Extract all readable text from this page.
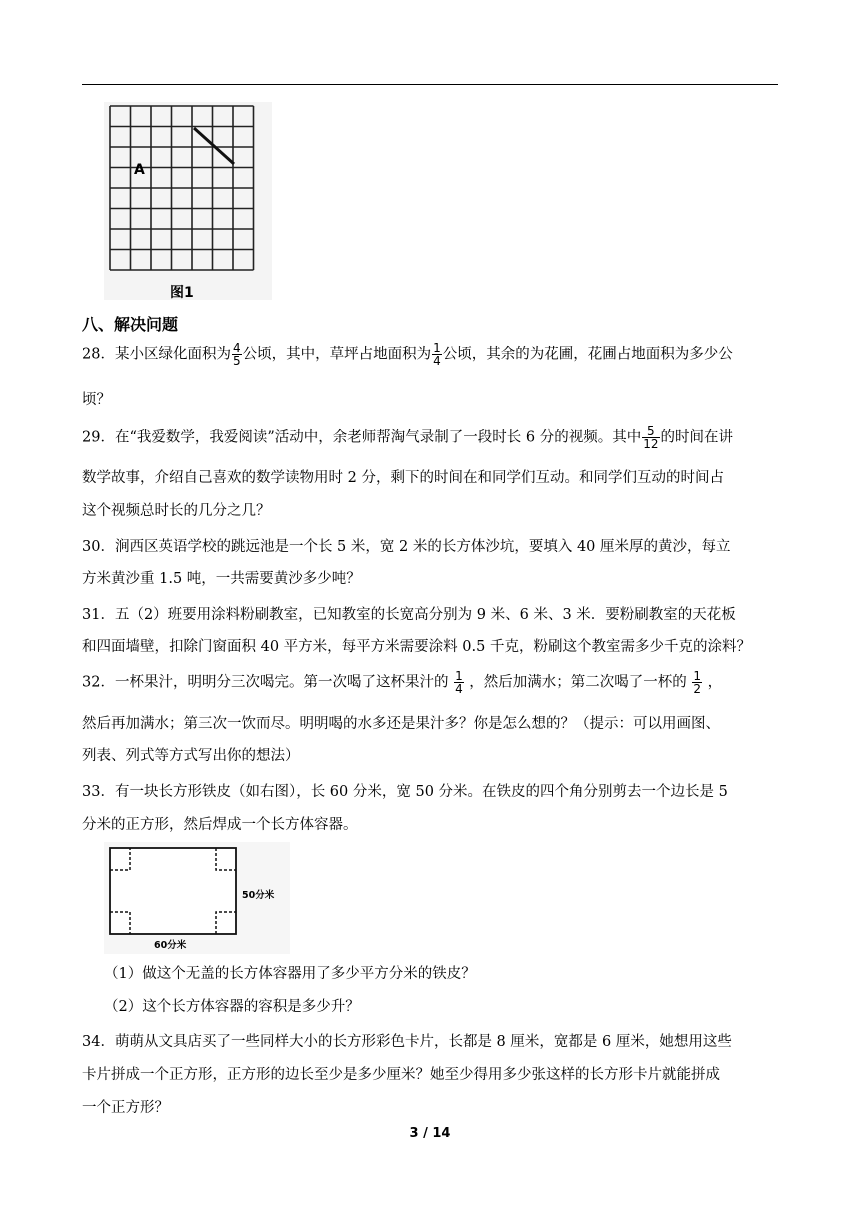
A
图1
八、解决问题
28．某小区绿化面积为 $\frac{4}{5}$ 公顷，其中，草坪占地面积为 $\frac{1}{4}$ 公顷，其余的为花圃，花圃占地面积为多少公
顷？
29．在“我爱数学，我爱阅读”活动中，余老师帮淘气录制了一段时长 6 分的视频。其中 $\frac{5}{12}$ 的时间在讲
数学故事，介绍自己喜欢的数学读物用时 2 分，剩下的时间在和同学们互动。和同学们互动的时间占
这个视频总时长的几分之几？
30．涧西区英语学校的跳远池是一个长 5 米，宽 2 米的长方体沙坑，要填入 40 厘米厚的黄沙，每立
方米黄沙重 1.5 吨，一共需要黄沙多少吨？
31．五（2）班要用涂料粉刷教室，已知教室的长宽高分别为 9 米、6 米、3 米．要粉刷教室的天花板
和四面墙壁，扣除门窗面积 40 平方米，每平方米需要涂料 0.5 千克，粉刷这个教室需多少千克的涂料？
32．一杯果汁，明明分三次喝完。第一次喝了这杯果汁的 $\frac{1}{4}$ ，然后加满水；第二次喝了一杯的 $\frac{1}{2}$ ，
然后再加满水；第三次一饮而尽。明明喝的水多还是果汁多？你是怎么想的？（提示：可以用画图、
列表、列式等方式写出你的想法）
33．有一块长方形铁皮（如右图），长 60 分米，宽 50 分米。在铁皮的四个角分别剪去一个边长是 5
分米的正方形，然后焊成一个长方体容器。
50分米
60分米
（1）做这个无盖的长方体容器用了多少平方分米的铁皮？
（2）这个长方体容器的容积是多少升？
34．萌萌从文具店买了一些同样大小的长方形彩色卡片，长都是 8 厘米，宽都是 6 厘米，她想用这些
卡片拼成一个正方形，正方形的边长至少是多少厘米？她至少得用多少张这样的长方形卡片就能拼成
一个正方形？
3 / 14
